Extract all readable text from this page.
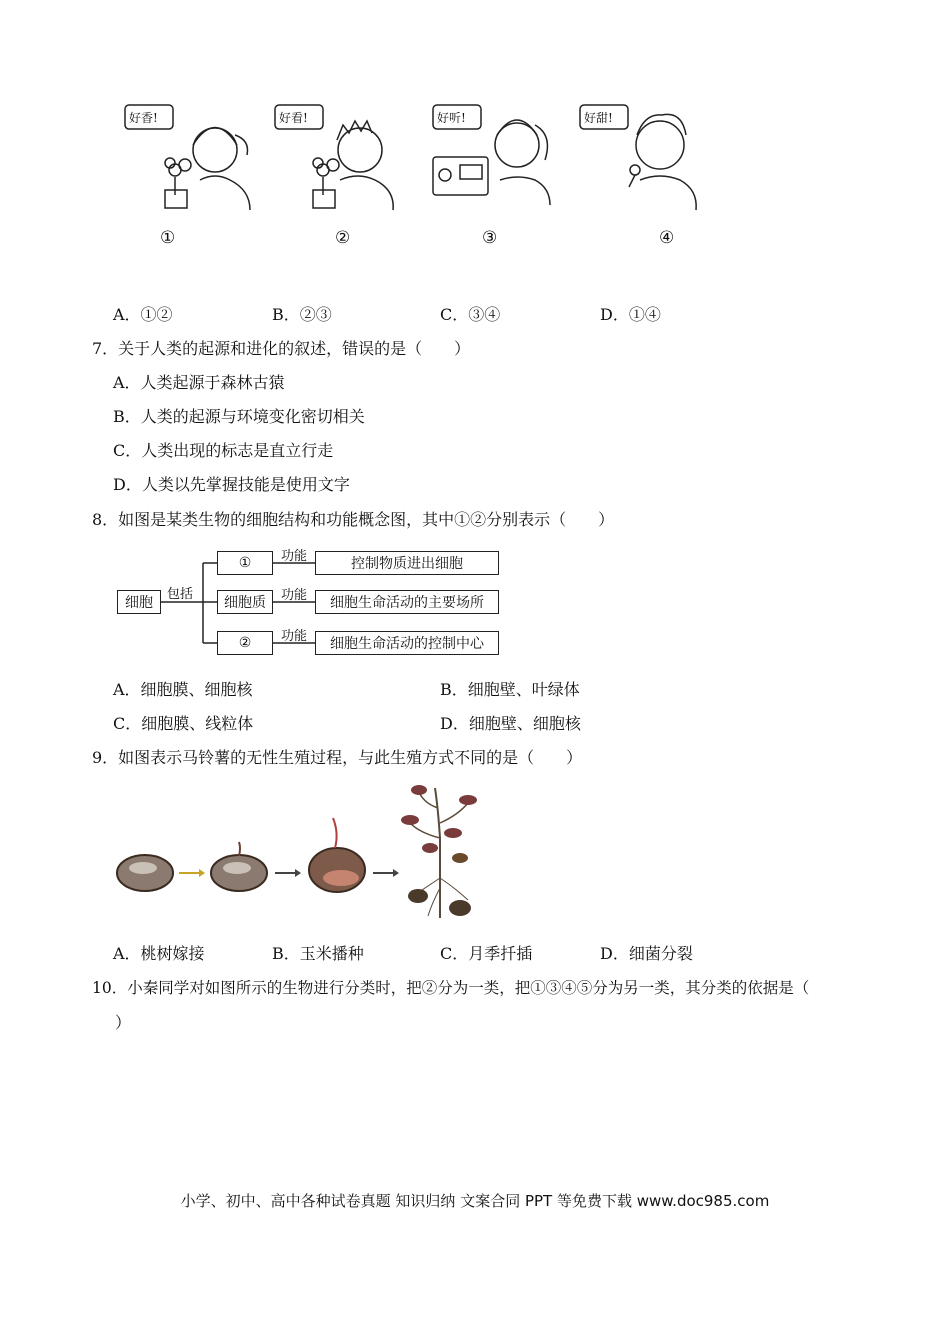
好香!	好看!	好听!	好甜!
①	②	③	④
A．①②	B．②③	C．③④	D．①④
7．关于人类的起源和进化的叙述，错误的是（　　）
A．人类起源于森林古猿
B．人类的起源与环境变化密切相关
C．人类出现的标志是直立行走
D．人类以先掌握技能是使用文字
8．如图是某类生物的细胞结构和功能概念图，其中①②分别表示（　　）
细胞
包括
①
细胞质
②
功能
功能
功能
控制物质进出细胞
细胞生命活动的主要场所
细胞生命活动的控制中心
A．细胞膜、细胞核	B．细胞壁、叶绿体
C．细胞膜、线粒体	D．细胞壁、细胞核
9．如图表示马铃薯的无性生殖过程，与此生殖方式不同的是（　　）
A．桃树嫁接	B．玉米播种	C．月季扦插	D．细菌分裂
10．小秦同学对如图所示的生物进行分类时，把②分为一类，把①③④⑤分为另一类，其分类的依据是（
）
小学、初中、高中各种试卷真题 知识归纳 文案合同 PPT 等免费下载 www.doc985.com
